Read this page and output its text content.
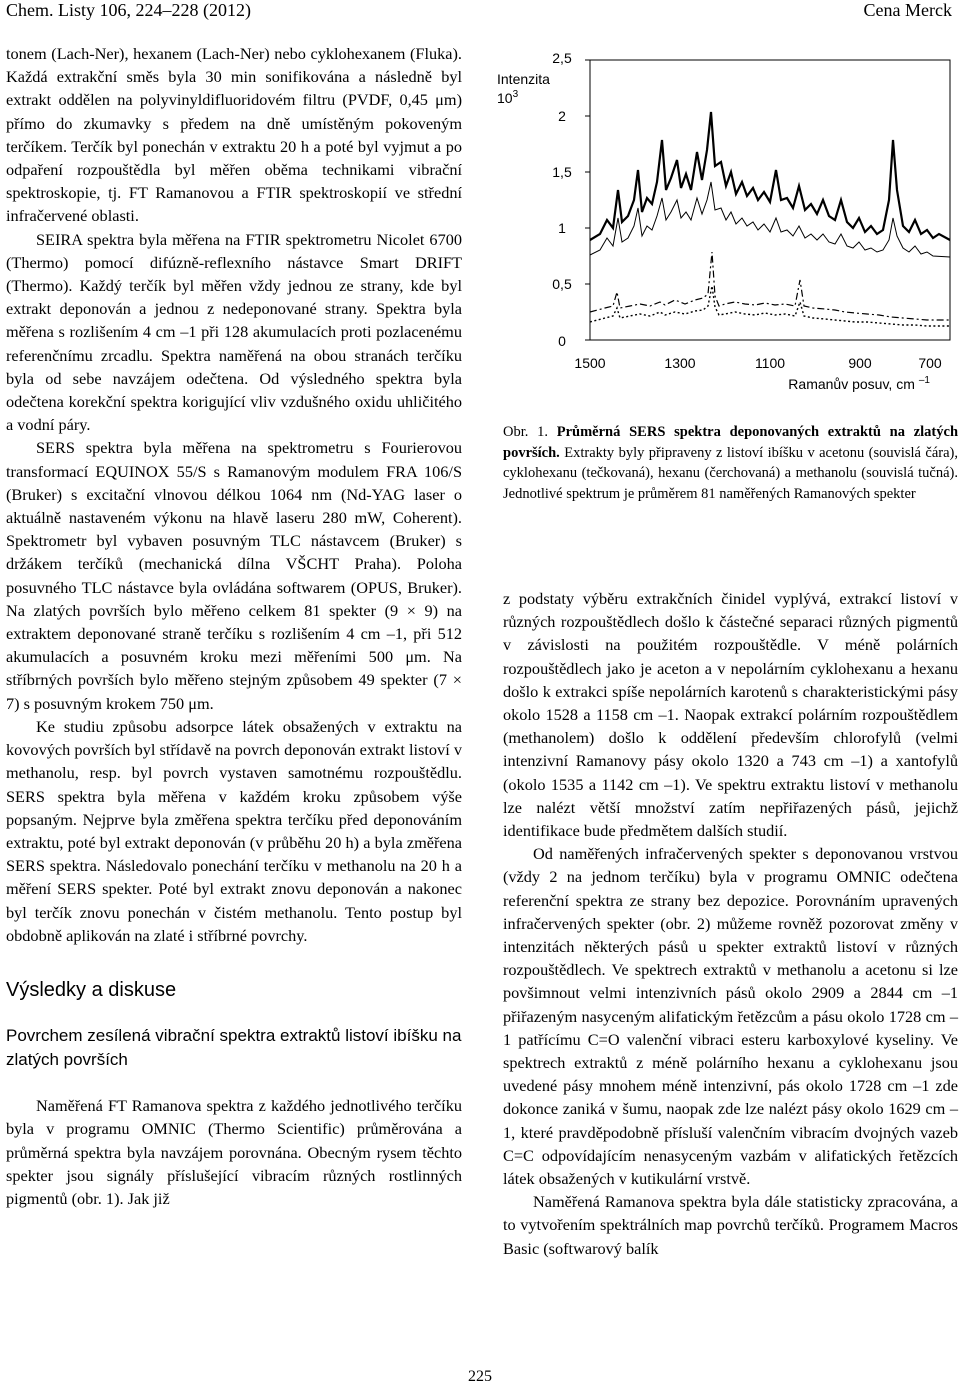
Chem. Listy 106, 224–228 (2012)	Cena Merck

tonem (Lach-Ner), hexanem (Lach-Ner) nebo cyklohexanem (Fluka). Každá extrakční směs byla 30 min sonifikována a následně byl extrakt oddělen na polyvinyldifluoridovém filtru (PVDF, 0,45 μm) přímo do zkumavky s předem na dně umístěným pokoveným terčíkem. Terčík byl ponechán v extraktu 20 h a poté byl vyjmut a po odpaření rozpouštědla byl měřen oběma technikami vibrační spektroskopie, tj. FT Ramanovou a FTIR spektroskopií ve střední infračervené oblasti.

SEIRA spektra byla měřena na FTIR spektrometru Nicolet 6700 (Thermo) pomocí difúzně-reflexního nástavce Smart DRIFT (Thermo). Každý terčík byl měřen vždy jednou ze strany, kde byl extrakt deponován a jednou z nedeponované strany. Spektra byla měřena s rozlišením 4 cm –1 při 128 akumulacích proti pozlacenému referenčnímu zrcadlu. Spektra naměřená na obou stranách terčíku byla od sebe navzájem odečtena. Od výsledného spektra byla odečtena korekční spektra korigující vliv vzdušného oxidu uhličitého a vodní páry.

SERS spektra byla měřena na spektrometru s Fourierovou transformací EQUINOX 55/S s Ramanovým modulem FRA 106/S (Bruker) s excitační vlnovou délkou 1064 nm (Nd-YAG laser o aktuálně nastaveném výkonu na hlavě laseru 280 mW, Coherent). Spektrometr byl vybaven posuvným TLC nástavcem (Bruker) s držákem terčíků (mechanická dílna VŠCHT Praha). Poloha posuvného TLC nástavce byla ovládána softwarem (OPUS, Bruker). Na zlatých površích bylo měřeno celkem 81 spekter (9 × 9) na extraktem deponované straně terčíku s rozlišením 4 cm –1, při 512 akumulacích a posuvném kroku mezi měřeními 500 μm. Na stříbrných površích bylo měřeno stejným způsobem 49 spekter (7 × 7) s posuvným krokem 750 μm.

Ke studiu způsobu adsorpce látek obsažených v extraktu na kovových površích byl střídavě na povrch deponován extrakt listoví v methanolu, resp. byl povrch vystaven samotnému rozpouštědlu. SERS spektra byla měřena v každém kroku způsobem výše popsaným. Nejprve byla změřena spektra terčíku před deponováním extraktu, poté byl extrakt deponován (v průběhu 20 h) a byla změřena SERS spektra. Následovalo ponechání terčíku v methanolu na 20 h a měření SERS spekter. Poté byl extrakt znovu deponován a nakonec byl terčík znovu ponechán v čistém methanolu. Tento postup byl obdobně aplikován na zlaté i stříbrné povrchy.

Výsledky a diskuse
Povrchem zesílená vibrační spektra extraktů listoví ibíšku na zlatých površích

Naměřená FT Ramanova spektra z každého jednotlivého terčíku byla v programu OMNIC (Thermo Scientific) průměrována a průměrná spektra byla navzájem porovnána. Obecným rysem těchto spekter jsou signály příslušející vibracím různých rostlinných pigmentů (obr. 1). Jak již

2,5
Intenzita
$10^3$
2
1,5
1
0,5
0
1500	1300	1100	900	700
Ramanův posuv, cm $^{-1}$
Obr. 1. Průměrná SERS spektra deponovaných extraktů na zlatých površích. Extrakty byly připraveny z listoví ibíšku v acetonu (souvislá čára), cyklohexanu (tečkovaná), hexanu (čerchovaná) a methanolu (souvislá tučná). Jednotlivé spektrum je průměrem 81 naměřených Ramanových spekter

z podstaty výběru extrakčních činidel vyplývá, extrakcí listoví v různých rozpouštědlech došlo k částečné separaci různých pigmentů v závislosti na použitém rozpouštědle. V méně polárních rozpouštědlech jako je aceton a v nepolárním cyklohexanu a hexanu došlo k extrakci spíše nepolárních karotenů s charakteristickými pásy okolo 1528 a 1158 cm –1. Naopak extrakcí polárním rozpouštědlem (methanolem) došlo k oddělení především chlorofylů (velmi intenzivní Ramanovy pásy okolo 1320 a 743 cm –1) a xantofylů (okolo 1535 a 1142 cm –1). Ve spektru extraktu listoví v methanolu lze nalézt větší množství zatím nepřiřazených pásů, jejichž identifikace bude předmětem dalších studií.

Od naměřených infračervených spekter s deponovanou vrstvou (vždy 2 na jednom terčíku) byla v programu OMNIC odečtena referenční spektra ze strany bez depozice. Porovnáním upravených infračervených spekter (obr. 2) můžeme rovněž pozorovat změny v intenzitách některých pásů u spekter extraktů listoví v různých rozpouštědlech. Ve spektrech extraktů v methanolu a acetonu si lze povšimnout velmi intenzivních pásů okolo 2909 a 2844 cm –1 přiřazeným nasyceným alifatickým řetězcům a pásu okolo 1728 cm –1 patřícímu C=O valenční vibraci esteru karboxylové kyseliny. Ve spektrech extraktů z méně polárního hexanu a cyklohexanu jsou uvedené pásy mnohem méně intenzivní, pás okolo 1728 cm –1 zde dokonce zaniká v šumu, naopak zde lze nalézt pásy okolo 1629 cm –1, které pravděpodobně přísluší valenčním vibracím dvojných vazeb C=C odpovídajícím nenasyceným vazbám v alifatických řetězcích látek obsažených v kutikulární vrstvě.

Naměřená Ramanova spektra byla dále statisticky zpracována, a to vytvořením spektrálních map povrchů terčíků. Programem Macros Basic (softwarový balík

225
